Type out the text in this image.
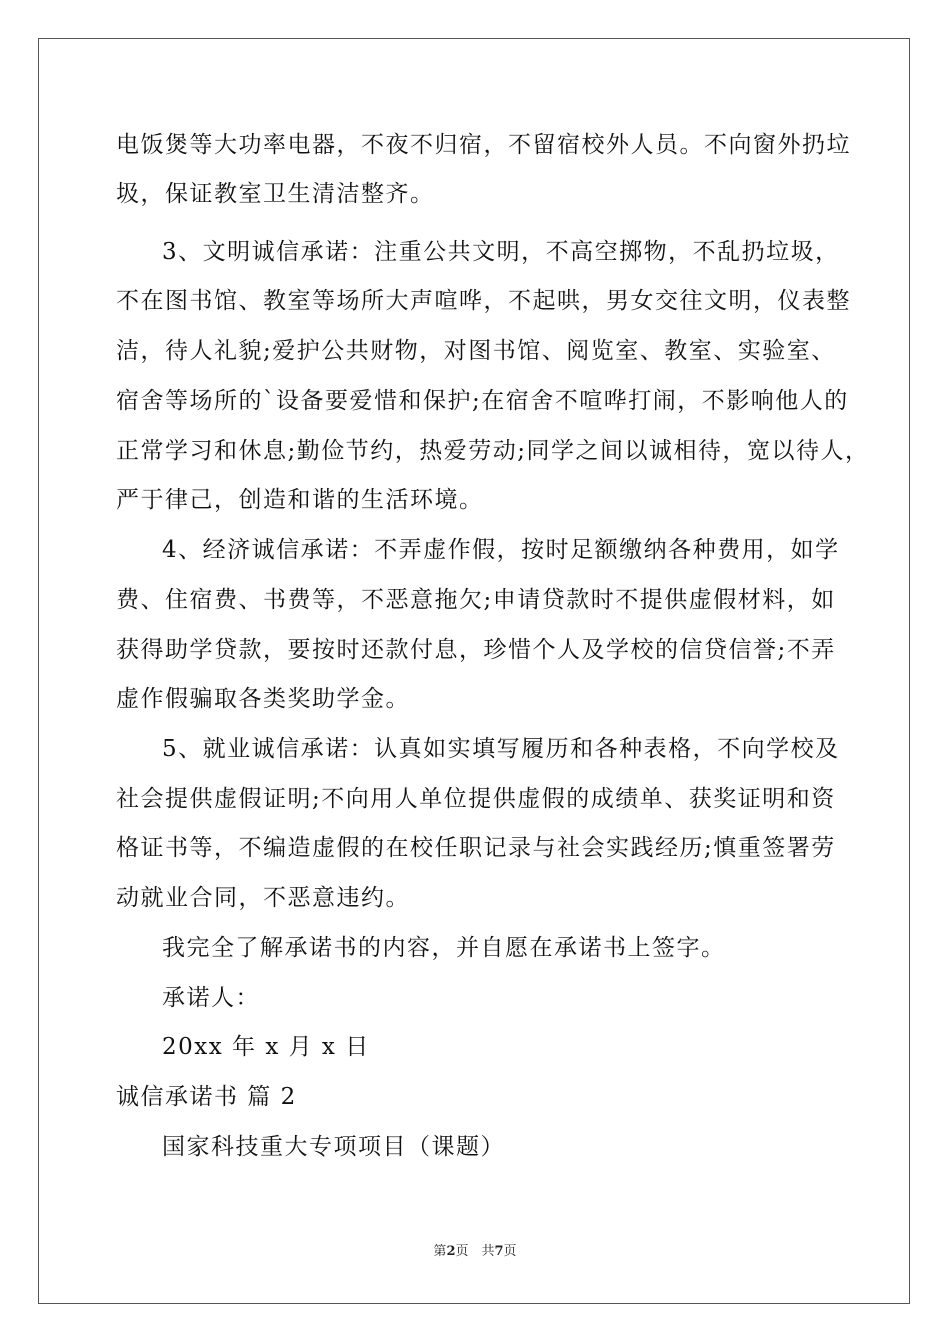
电饭煲等大功率电器，不夜不归宿，不留宿校外人员。不向窗外扔垃
圾，保证教室卫生清洁整齐。
3、文明诚信承诺：注重公共文明，不高空掷物，不乱扔垃圾，
不在图书馆、教室等场所大声喧哗，不起哄，男女交往文明，仪表整
洁，待人礼貌;爱护公共财物，对图书馆、阅览室、教室、实验室、
宿舍等场所的`设备要爱惜和保护;在宿舍不喧哗打闹，不影响他人的
正常学习和休息;勤俭节约，热爱劳动;同学之间以诚相待，宽以待人，
严于律己，创造和谐的生活环境。
4、经济诚信承诺：不弄虚作假，按时足额缴纳各种费用，如学
费、住宿费、书费等，不恶意拖欠;申请贷款时不提供虚假材料，如
获得助学贷款，要按时还款付息，珍惜个人及学校的信贷信誉;不弄
虚作假骗取各类奖助学金。
5、就业诚信承诺：认真如实填写履历和各种表格，不向学校及
社会提供虚假证明;不向用人单位提供虚假的成绩单、获奖证明和资
格证书等，不编造虚假的在校任职记录与社会实践经历;慎重签署劳
动就业合同，不恶意违约。
我完全了解承诺书的内容，并自愿在承诺书上签字。
承诺人：
20xx 年 x 月 x 日
诚信承诺书 篇 2
国家科技重大专项项目（课题）
第2页　共7页
